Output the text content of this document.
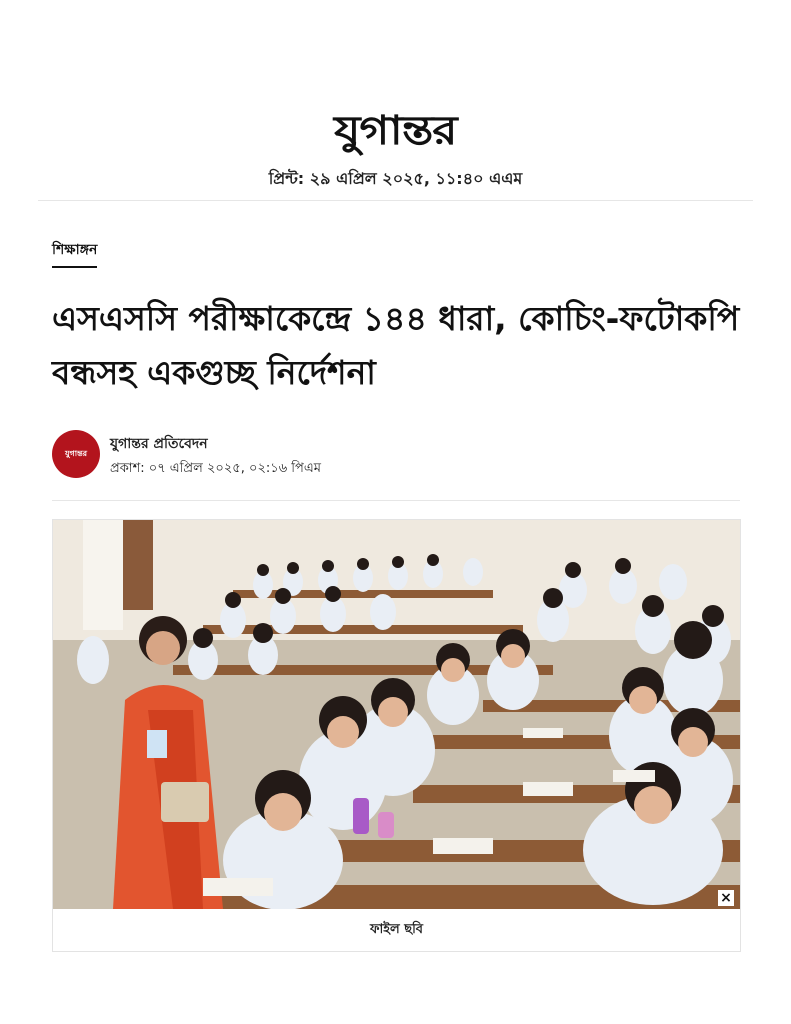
যুগান্তর
প্রিন্ট: ২৯ এপ্রিল ২০২৫, ১১:৪০ এএম
শিক্ষাঙ্গন
এসএসসি পরীক্ষাকেন্দ্রে ১৪৪ ধারা, কোচিং-ফটোকপি বন্ধসহ একগুচ্ছ নির্দেশনা
যুগান্তর
যুগান্তর প্রতিবেদন
প্রকাশ: ০৭ এপ্রিল ২০২৫, ০২:১৬ পিএম
×
ফাইল ছবি
